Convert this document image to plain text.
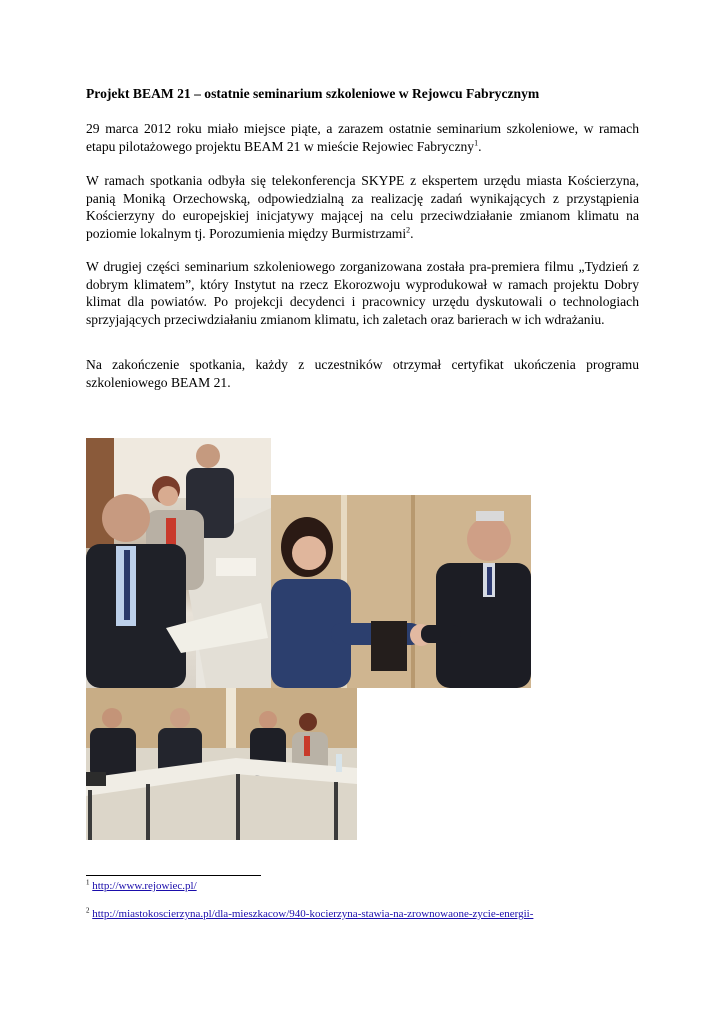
Projekt BEAM 21 – ostatnie seminarium szkoleniowe w Rejowcu Fabrycznym

29 marca 2012 roku miało miejsce piąte, a zarazem ostatnie seminarium szkoleniowe, w ramach etapu pilotażowego projektu BEAM 21 w mieście Rejowiec Fabryczny$^1$.

W ramach spotkania odbyła się telekonferencja SKYPE z ekspertem urzędu miasta Kościerzyna, panią Moniką Orzechowską, odpowiedzialną za realizację zadań wynikających z przystąpienia Kościerzyny do europejskiej inicjatywy mającej na celu przeciwdziałanie zmianom klimatu na poziomie lokalnym tj. Porozumienia między Burmistrzami$^2$.

W drugiej części seminarium szkoleniowego zorganizowana została pra-premiera filmu „Tydzień z dobrym klimatem”, który Instytut na rzecz Ekorozwoju wyprodukował w ramach projektu Dobry klimat dla powiatów. Po projekcji decydenci i pracownicy urzędu dyskutowali o technologiach sprzyjających przeciwdziałaniu zmianom klimatu, ich zaletach oraz barierach w ich wdrażaniu.

Na zakończenie spotkania, każdy z uczestników otrzymał certyfikat ukończenia programu szkoleniowego BEAM 21.

$^1$ http://www.rejowiec.pl/
$^2$ http://miastokoscierzyna.pl/dla-mieszkacow/940-kocierzyna-stawia-na-zrownowaone-zycie-energii-
